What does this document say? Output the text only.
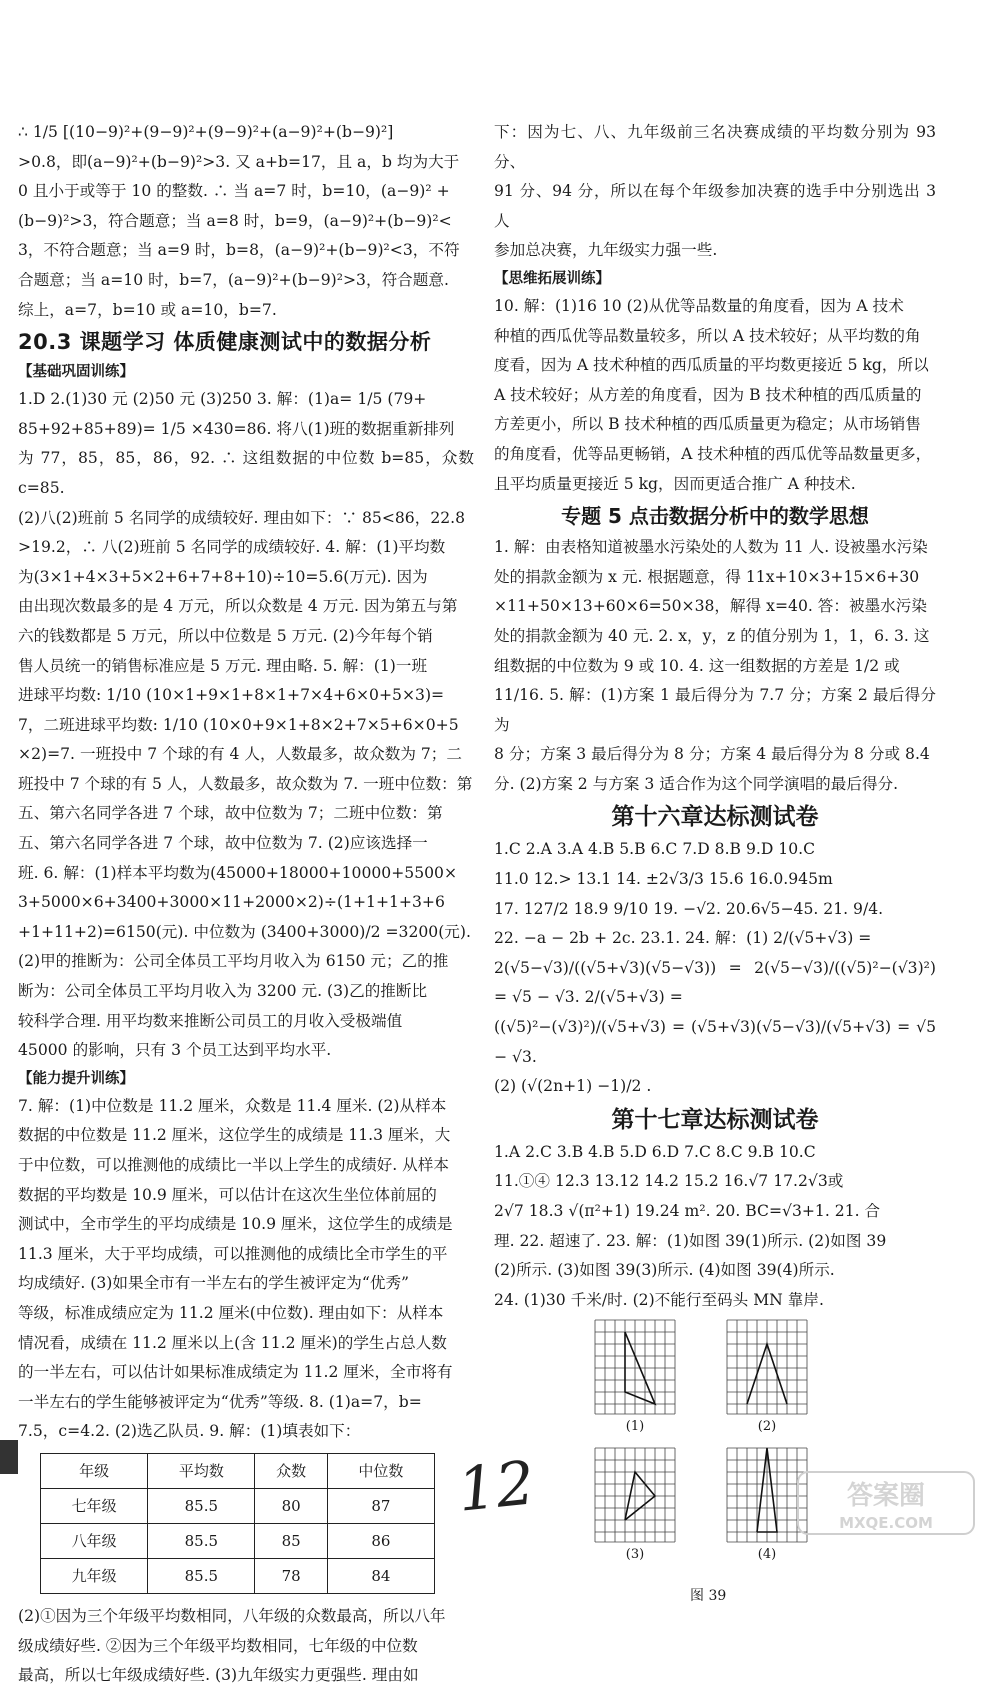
∴ 1/5 [(10−9)²+(9−9)²+(9−9)²+(a−9)²+(b−9)²]
>0.8，即(a−9)²+(b−9)²>3. 又 a+b=17，且 a，b 均为大于
0 且小于或等于 10 的整数. ∴ 当 a=7 时，b=10，(a−9)² +
(b−9)²>3，符合题意；当 a=8 时，b=9，(a−9)²+(b−9)²<
3，不符合题意；当 a=9 时，b=8，(a−9)²+(b−9)²<3，不符
合题意；当 a=10 时，b=7，(a−9)²+(b−9)²>3，符合题意.
综上，a=7，b=10 或 a=10，b=7.
20.3 课题学习 体质健康测试中的数据分析
【基础巩固训练】
1.D 2.(1)30 元 (2)50 元 (3)250 3. 解：(1)a= 1/5 (79+
85+92+85+89)= 1/5 ×430=86. 将八(1)班的数据重新排列
为 77，85，85，86，92. ∴ 这组数据的中位数 b=85，众数 c=85.
(2)八(2)班前 5 名同学的成绩较好. 理由如下：∵ 85<86，22.8
>19.2，∴ 八(2)班前 5 名同学的成绩较好. 4. 解：(1)平均数
为(3×1+4×3+5×2+6+7+8+10)÷10=5.6(万元). 因为
由出现次数最多的是 4 万元，所以众数是 4 万元. 因为第五与第
六的钱数都是 5 万元，所以中位数是 5 万元. (2)今年每个销
售人员统一的销售标准应是 5 万元. 理由略. 5. 解：(1)一班
进球平均数: 1/10 (10×1+9×1+8×1+7×4+6×0+5×3)=
7，二班进球平均数: 1/10 (10×0+9×1+8×2+7×5+6×0+5
×2)=7. 一班投中 7 个球的有 4 人，人数最多，故众数为 7；二
班投中 7 个球的有 5 人，人数最多，故众数为 7. 一班中位数：第
五、第六名同学各进 7 个球，故中位数为 7；二班中位数：第
五、第六名同学各进 7 个球，故中位数为 7. (2)应该选择一
班. 6. 解：(1)样本平均数为(45000+18000+10000+5500×
3+5000×6+3400+3000×11+2000×2)÷(1+1+1+3+6
+1+11+2)=6150(元). 中位数为 (3400+3000)/2 =3200(元).
(2)甲的推断为：公司全体员工平均月收入为 6150 元；乙的推
断为：公司全体员工平均月收入为 3200 元. (3)乙的推断比
较科学合理. 用平均数来推断公司员工的月收入受极端值
45000 的影响，只有 3 个员工达到平均水平.
【能力提升训练】
7. 解：(1)中位数是 11.2 厘米，众数是 11.4 厘米. (2)从样本
数据的中位数是 11.2 厘米，这位学生的成绩是 11.3 厘米，大
于中位数，可以推测他的成绩比一半以上学生的成绩好. 从样本
数据的平均数是 10.9 厘米，可以估计在这次生坐位体前屈的
测试中，全市学生的平均成绩是 10.9 厘米，这位学生的成绩是
11.3 厘米，大于平均成绩，可以推测他的成绩比全市学生的平
均成绩好. (3)如果全市有一半左右的学生被评定为“优秀”
等级，标准成绩应定为 11.2 厘米(中位数). 理由如下：从样本
情况看，成绩在 11.2 厘米以上(含 11.2 厘米)的学生占总人数
的一半左右，可以估计如果标准成绩定为 11.2 厘米，全市将有
一半左右的学生能够被评定为“优秀”等级. 8. (1)a=7，b=
7.5，c=4.2. (2)选乙队员. 9. 解：(1)填表如下：
年级	平均数	众数	中位数
七年级	85.5	80	87
八年级	85.5	85	86
九年级	85.5	78	84
(2)①因为三个年级平均数相同，八年级的众数最高，所以八年
级成绩好些. ②因为三个年级平均数相同，七年级的中位数
最高，所以七年级成绩好些. (3)九年级实力更强些. 理由如
下：因为七、八、九年级前三名决赛成绩的平均数分别为 93 分、
91 分、94 分，所以在每个年级参加决赛的选手中分别选出 3 人
参加总决赛，九年级实力强一些.
【思维拓展训练】
10. 解：(1)16 10 (2)从优等品数量的角度看，因为 A 技术
种植的西瓜优等品数量较多，所以 A 技术较好；从平均数的角
度看，因为 A 技术种植的西瓜质量的平均数更接近 5 kg，所以
A 技术较好；从方差的角度看，因为 B 技术种植的西瓜质量的
方差更小，所以 B 技术种植的西瓜质量更为稳定；从市场销售
的角度看，优等品更畅销，A 技术种植的西瓜优等品数量更多，
且平均质量更接近 5 kg，因而更适合推广 A 种技术.
专题 5 点击数据分析中的数学思想
1. 解：由表格知道被墨水污染处的人数为 11 人. 设被墨水污染
处的捐款金额为 x 元. 根据题意，得 11x+10×3+15×6+30
×11+50×13+60×6=50×38，解得 x=40. 答：被墨水污染
处的捐款金额为 40 元. 2. x，y，z 的值分别为 1，1，6. 3. 这
组数据的中位数为 9 或 10. 4. 这一组数据的方差是 1/2 或
11/16. 5. 解：(1)方案 1 最后得分为 7.7 分；方案 2 最后得分为
8 分；方案 3 最后得分为 8 分；方案 4 最后得分为 8 分或 8.4
分. (2)方案 2 与方案 3 适合作为这个同学演唱的最后得分.
第十六章达标测试卷
1.C 2.A 3.A 4.B 5.B 6.C 7.D 8.B 9.D 10.C
11.0 12.> 13.1 14. ±2√3/3 15.6 16.0.945m
17. 127/2 18.9 9/10 19. −√2. 20.6√5−45. 21. 9/4.
22. −a − 2b + 2c. 23.1. 24. 解：(1) 2/(√5+√3) =
2(√5−√3)/((√5+√3)(√5−√3)) = 2(√5−√3)/((√5)²−(√3)²) = √5 − √3. 2/(√5+√3) =
((√5)²−(√3)²)/(√5+√3) = (√5+√3)(√5−√3)/(√5+√3) = √5 − √3.
(2) (√(2n+1) −1)/2 .
第十七章达标测试卷
1.A 2.C 3.B 4.B 5.D 6.D 7.C 8.C 9.B 10.C
11.①④ 12.3 13.12 14.2 15.2 16.√7 17.2√3或
2√7 18.3 √(π²+1) 19.24 m². 20. BC=√3+1. 21. 合
理. 22. 超速了. 23. 解：(1)如图 39(1)所示. (2)如图 39
(2)所示. (3)如图 39(3)所示. (4)如图 39(4)所示.
24. (1)30 千米/时. (2)不能行至码头 MN 靠岸.
(1)	(2)
(3)	(4)
图 39
12	答案圈
MXQE.COM
